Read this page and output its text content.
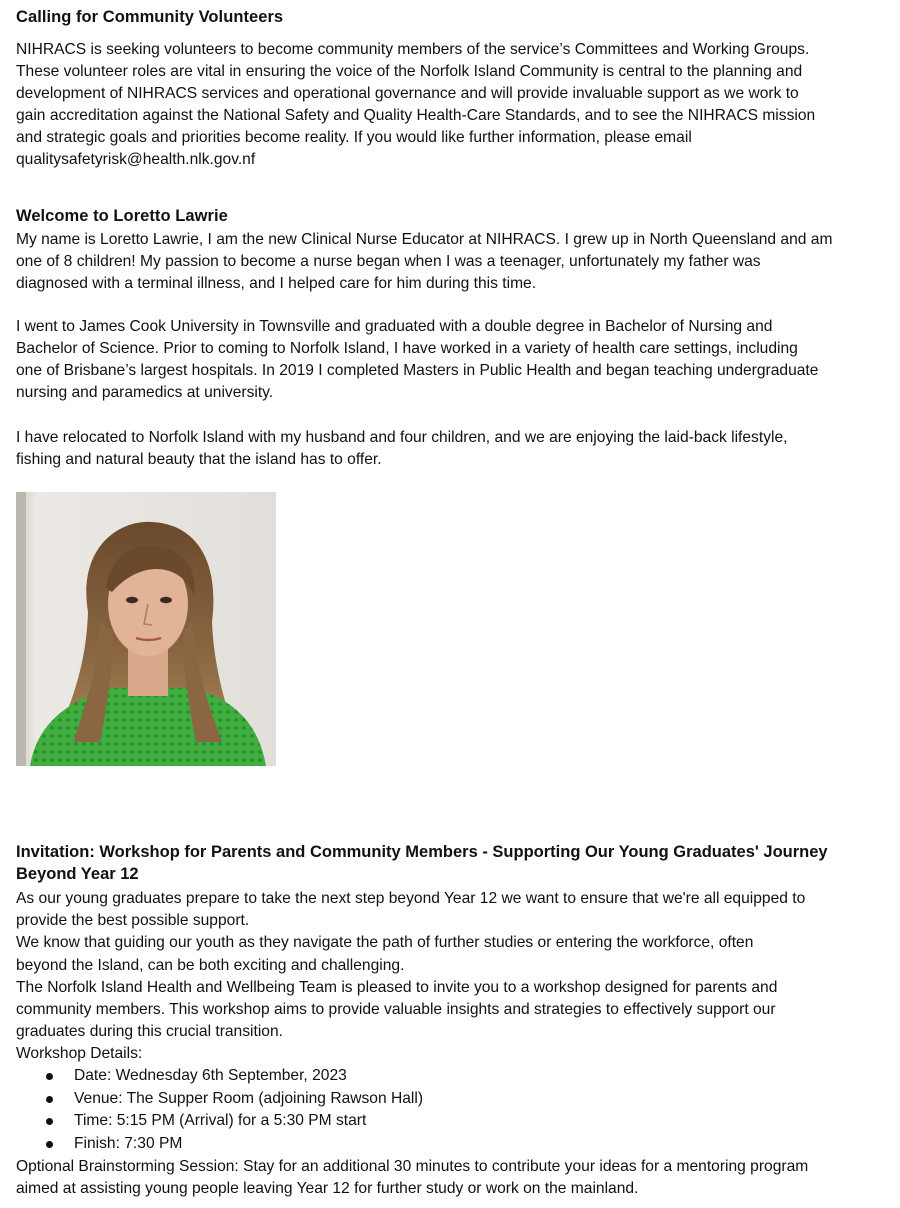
Calling for Community Volunteers
NIHRACS is seeking volunteers to become community members of the service’s Committees and Working Groups.
These volunteer roles are vital in ensuring the voice of the Norfolk Island Community is central to the planning and
development of NIHRACS services and operational governance and will provide invaluable support as we work to
gain accreditation against the National Safety and Quality Health-Care Standards, and to see the NIHRACS mission
and strategic goals and priorities become reality. If you would like further information, please email
qualitysafetyrisk@health.nlk.gov.nf
Welcome to Loretto Lawrie
My name is Loretto Lawrie, I am the new Clinical Nurse Educator at NIHRACS. I grew up in North Queensland and am
one of 8 children! My passion to become a nurse began when I was a teenager, unfortunately my father was
diagnosed with a terminal illness, and I helped care for him during this time.
I went to James Cook University in Townsville and graduated with a double degree in Bachelor of Nursing and
Bachelor of Science. Prior to coming to Norfolk Island, I have worked in a variety of health care settings, including
one of Brisbane’s largest hospitals. In 2019 I completed Masters in Public Health and began teaching undergraduate
nursing and paramedics at university.
I have relocated to Norfolk Island with my husband and four children, and we are enjoying the laid-back lifestyle,
fishing and natural beauty that the island has to offer.
Invitation: Workshop for Parents and Community Members - Supporting Our Young Graduates' Journey
Beyond Year 12
As our young graduates prepare to take the next step beyond Year 12 we want to ensure that we're all equipped to
provide the best possible support.
We know that guiding our youth as they navigate the path of further studies or entering the workforce, often
beyond the Island, can be both exciting and challenging.
The Norfolk Island Health and Wellbeing Team is pleased to invite you to a workshop designed for parents and
community members. This workshop aims to provide valuable insights and strategies to effectively support our
graduates during this crucial transition.
Workshop Details:
Date: Wednesday 6th September, 2023
Venue: The Supper Room (adjoining Rawson Hall)
Time: 5:15 PM (Arrival) for a 5:30 PM start
Finish: 7:30 PM
Optional Brainstorming Session: Stay for an additional 30 minutes to contribute your ideas for a mentoring program
aimed at assisting young people leaving Year 12 for further study or work on the mainland.
